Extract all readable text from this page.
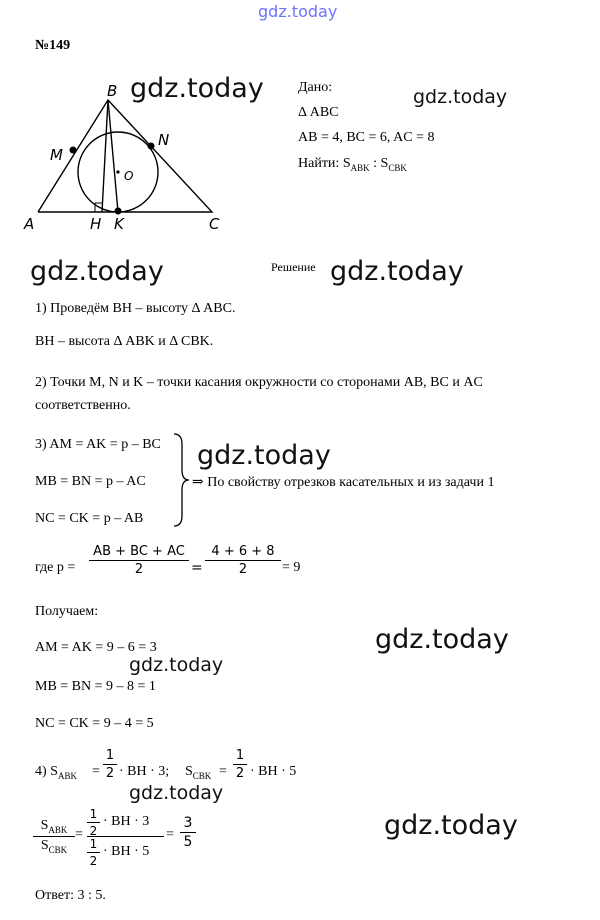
gdz.today
gdz.today	gdz.today
gdz.today	gdz.today
gdz.today
gdz.today
gdz.today
gdz.today
gdz.today
№149
B
M
N
O
A	H K	C
Дано:
Δ ABC
AB = 4, BC = 6, AC = 8
Найти: $S_{ABK}$ : $S_{CBK}$
Решение
1) Проведём BH – высоту Δ ABC.
BH – высота Δ ABK и Δ CBK.
2) Точки M, N и K – точки касания окружности со сторонами AB, BC и AC
соответственно.
3) AM = AK = p – BC
MB = BN = p – AC
NC = CK = p – AB
⇒ По свойству отрезков касательных и из задачи 1
где $p = \frac{AB + BC + AC}{2} = \frac{4 + 6 + 8}{2} = 9$
Получаем:
AM = AK = 9 – 6 = 3
MB = BN = 9 – 8 = 1
NC = CK = 9 – 4 = 5
4) $S_{ABK} = \frac{1}{2}$ · BH · 3; $S_{CBK} = \frac{1}{2}$ · BH · 5
$S_{ABK}$
$S_{CBK}$
= $\frac{1}{2}$ · BH · 3
$\frac{1}{2}$ · BH · 5
= $\frac{3}{5}$
Ответ: 3 : 5.
